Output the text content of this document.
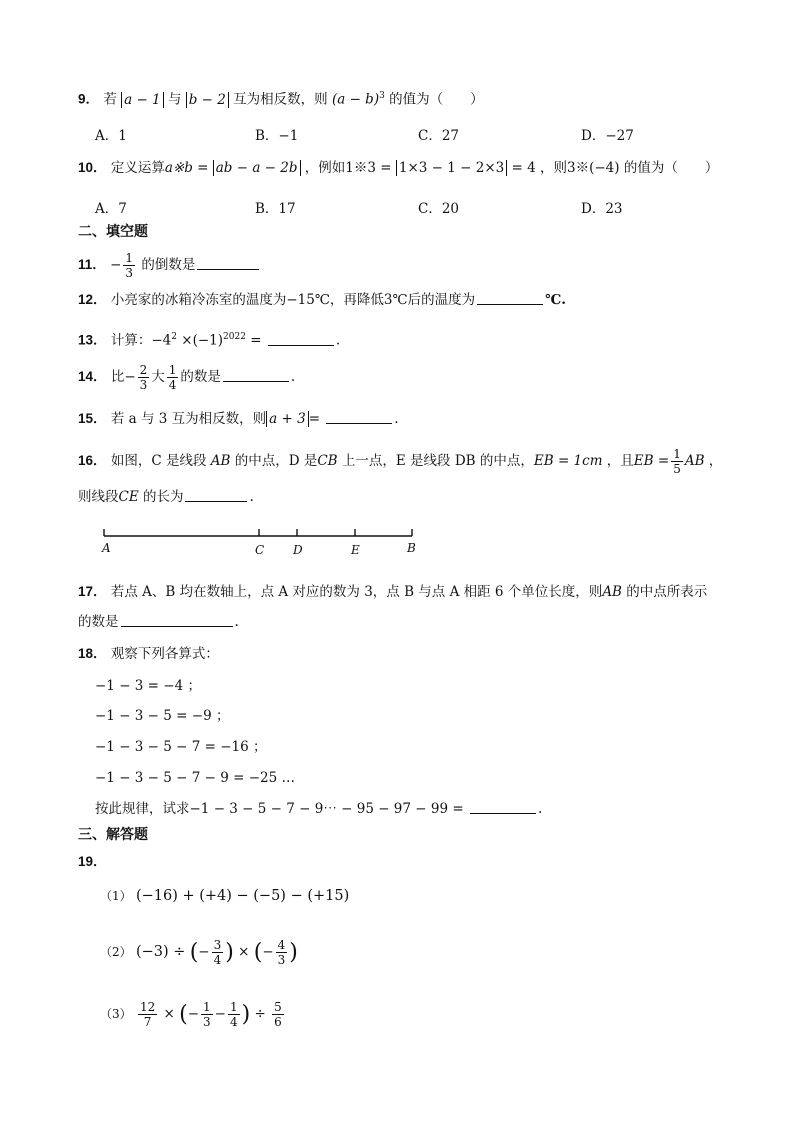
9． 若 a − 1 与 b − 2 互为相反数，则 $(a - b)^3$ 的值为（　　）
A．1	B．−1	C．27	D．−27
10． 定义运算a※b = ab − a − 2b ，例如1※3 = 1×3 − 1 − 2×3 = 4 ，则3※(−4) 的值为（　　）
A．7	B．17	C．20	D．23
二、填空题
11． − $\frac{1}{3}$ 的倒数是
12． 小亮家的冰箱冷冻室的温度为−15℃，再降低3℃后的温度为	℃.
13． 计算：$-4^2 \times(-1)^{2022}$ =	.
14． 比− $\frac{2}{3}$ 大 $\frac{1}{4}$ 的数是	.
15． 若 a 与 3 互为相反数，则 a + 3 =	.
16． 如图，C 是线段 AB 的中点，D 是CB 上一点，E 是线段 DB 的中点，EB = 1cm ，且EB = $\frac{1}{5}$ AB ，
则线段CE 的长为	.
A	C D	E	B
17． 若点 A、B 均在数轴上，点 A 对应的数为 3，点 B 与点 A 相距 6 个单位长度，则AB 的中点所表示
的数是	.
18． 观察下列各算式：
−1 − 3 = −4 ；
−1 − 3 − 5 = −9 ；
−1 − 3 − 5 − 7 = −16 ；
−1 − 3 − 5 − 7 − 9 = −25 …
按此规律，试求−1 − 3 − 5 − 7 − 9⋯ − 95 − 97 − 99 =	.
三、解答题
19．
（1） (−16) + (+4) − (−5) − (+15)
（2） (−3) ÷ (− $\frac{3}{4}$ ) × (− $\frac{4}{3}$ )
$(3) \frac{12}{7}$ × (− $\frac{1}{3} - \frac{1}{4}$ ) ÷ $\frac{5}{6}$
